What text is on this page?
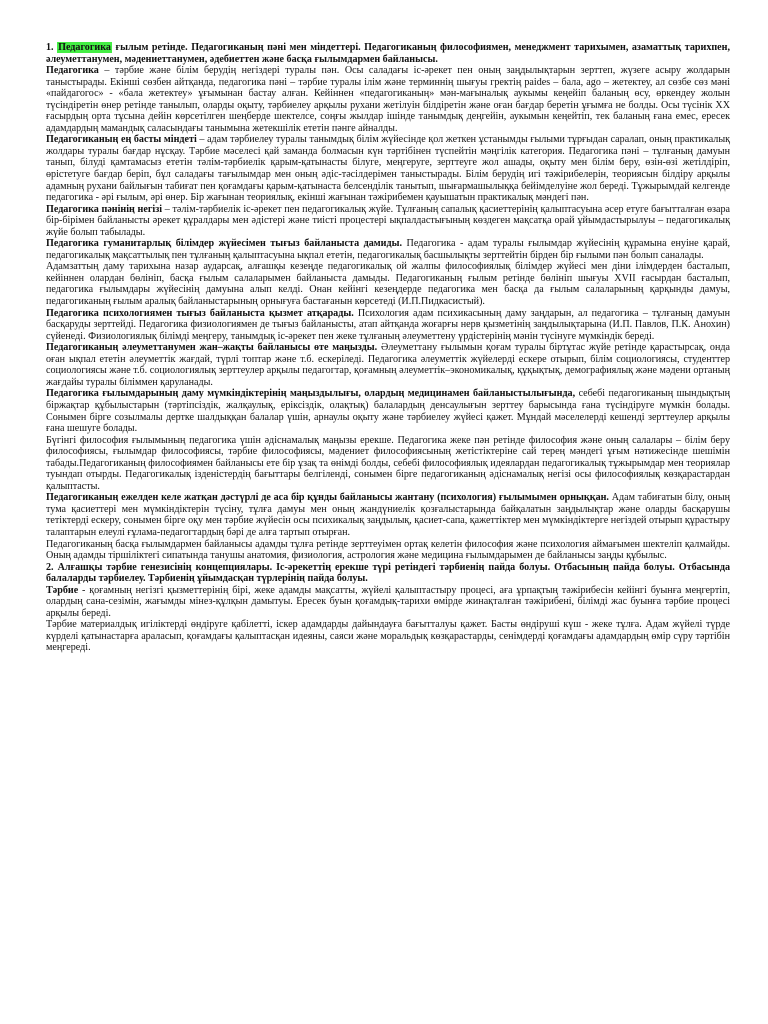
1. Педагогика ғылым ретінде. Педагогиканың пәні мен міндеттері. Педагогиканың философиямен, менеджмент тарихымен, азаматтық тарихпен, әлеуметтанумен, мәдениеттанумен, әдебиеттен және басқа ғылымдармен байланысы.

Педагогика – тәрбие және білім берудің негіздері туралы пән. Осы саладағы іс-әрекет пен оның заңдылықтарын зерттеп, жүзеге асыру жолдарын таныстырады. Екінші сөзбен айтқанда, педагогика пәні – тәрбие туралы ілім және терминнің шығуы гректің paides – бала, ago – жетектеу, ал сөзбе сөз мәні «пайдагогос» - «бала жетектеу» ұғымынан бастау алған. Кейіннен «педагогиканың» мән-мағыналық аукымы кеңейіп баланың өсу, өркендеу жолын түсіндіретін өнер ретінде танылып, оларды оқыту, тәрбиелеу арқылы рухани жетілуін білдіретін және оған бағдар беретін ұғымға не болды. Осы түсінік ХХ ғасырдың орта тұсына дейін көрсетілген шеңберде шектелсе, соңғы жылдар ішінде танымдық деңгейін, аукымын кеңейтіп, тек баланың ғана емес, ересек адамдардың мамандық саласындағы танымына жетекшілік ететін пәнге айналды.

Педагогиканың ең басты міндеті – адам тәрбиелеу туралы танымдық білім жүйесінде қол жеткен ұстанымды ғылыми тұрғыдан саралап, оның практикалық жолдары туралы бағдар нұсқау. Тәрбие мәселесі қай заманда болмасын күн тәртібінен түспейтін мәңгілік категория. Педагогика пәні – тұлғаның дамуын танып, білуді қамтамасыз ететін тәлім-тәрбиелік қарым-қатынасты білуге, меңгеруге, зерттеуге жол ашады, оқыту мен білім беру, өзін-өзі жетілдіріп, өрістетуге бағдар беріп, бұл саладағы тағылымдар мен оның әдіс-тәсілдерімен таныстырады. Білім берудің игі тәжірибелерін, теориясын білдіру арқылы адамның рухани байлығын табиғат пен қоғамдағы қарым-қатынаста белсенділік танытып, шығармашылыққа бейімделуіне жол береді. Тұжырымдай келгенде педагогика - әрі ғылым, әрі өнер. Бір жағынан теориялық, екінші жағынан тәжірибемен қауышатын практикалық мәндегі пән.

Педагогика пәнінің негізі – тәлім-тәрбиелік іс-әрекет пен педагогикалық жүйе. Тұлғаның сапалық қасиеттерінің қалыптасуына әсер етуге бағытталған өзара бір-бірімен байланысты әрекет құралдары мен әдістері және тиісті процестері ықпалдастығының көздеген мақсатқа орай ұйымдастырылуы – педагогикалық жүйе болып табылады.

Педагогика гуманитарлық білімдер жүйесімен тығыз байланыста дамиды. Педагогика - адам туралы ғылымдар жүйесінің құрамына енуіне қарай, педагогикалық мақсаттылық пен тұлғаның қалыптасуына ықпал ететін, педагогикалық басшылықты зерттейтін бірден бір ғылыми пән болып саналады.

Адамзаттың даму тарихына назар аударсақ, алғашқы кезеңде педагогикалық ой жалпы философиялық білімдер жүйесі мен діни ілімдерден басталып, кейіннен олардан бөлініп, басқа ғылым салаларымен байланыста дамыды. Педагогиканың ғылым ретінде бөлініп шығуы XVII ғасырдан басталып, педагогика ғылымдары жүйесінің дамуына алып келді. Онан кейінгі кезеңдерде педагогика мен басқа да ғылым салаларының қарқынды дамуы, педагогиканың ғылым аралық байланыстарының орнығуға бастағанын көрсетеді (И.П.Пидкасистый).

Педагогика психологиямен тығыз байланыста қызмет атқарады. Психология адам психикасының даму заңдарын, ал педагогика – тұлғаның дамуын басқаруды зерттейді. Педагогика физиологиямен де тығыз байланысты, атап айтқанда жоғарғы нерв қызметінің заңдылықтарына (И.П. Павлов, П.К. Анохин) сүйенеді. Физиологиялық білімді меңгеру, танымдық іс-әрекет пен жеке тұлғаның әлеуметтену үрдістерінің мәнін түсінуге мүмкіндік береді.

Педагогиканың әлеуметтанумен жан–жақты байланысы өте маңызды. Әлеуметтану ғылымын қоғам туралы біртұтас жүйе ретінде қарастырсақ, онда оған ықпал ететін әлеуметтік жағдай, түрлі топтар және т.б. ескеріледі. Педагогика әлеуметтік жүйелерді ескере отырып, білім социологиясы, студенттер социологиясы және т.б. социологиялық зерттеулер арқылы педагогтар, қоғамның әлеуметтік–экономикалық, құқықтық, демографиялық және мәдени ортаның жағдайы туралы біліммен қаруланады.

Педагогика ғылымдарының даму мүмкіндіктерінің маңыздылығы, олардың медицинамен байланыстылығында, себебі педагогиканың шындықтың біржақтар құбылыстарын (тәртіпсіздік, жалқаулық, еріксіздік, олақтық) балалардың денсаулығын зерттеу барысында ғана түсіндіруге мүмкін болады. Сонымен бірге созылмалы дертке шалдыққан балалар үшін, арнаулы оқыту және тәрбиелеу жүйесі қажет. Мұндай мәселелерді кешенді зерттеулер арқылы ғана шешуге болады.

Бүгінгі философия ғылымының педагогика үшін әдіснамалық маңызы ерекше. Педагогика жеке пән ретінде философия және оның салалары – білім беру философиясы, ғылымдар философиясы, тәрбие философиясы, мәдениет философиясының жетістіктеріне сай терең мәндегі ұғым нәтижесінде шешімін табады.Педагогиканың философиямен байланысы ете бір ұзақ та өнімді болды, себебі философиялық идеялардан педагогикалық тұжырымдар мен теориялар туындап отырды. Педагогикалық ізденістердің бағыттары белгіленді, сонымен бірге педагогиканың әдіснамалық негізі осы философиялық көзқарастардан қалыптасты.

Педагогиканың ежелден келе жатқан дәстүрлі де аса бір құнды байланысы жантану (психология) ғылымымен орныққан. Адам табиғатын білу, оның тума қасиеттері мен мүмкіндіктерін түсіну, тұлға дамуы мен оның жандүниелік қозғалыстарында байқалатын заңдылықтар және оларды басқарушы тетіктерді ескеру, сонымен бірге оқу мен тәрбие жүйесін осы психикалық заңдылық, қасиет-сапа, қажеттіктер мен мүмкіндіктерге негіздей отырып құрастыру талаптарын елеулі ғұлама-педагогтардың бәрі де алға тартып отырған.

Педагогиканың басқа ғылымдармен байланысы адамды тұлға ретінде зерттеуімен ортақ келетін философия және психология аймағымен шектеліп қалмайды. Оның адамды тіршіліктегі сипатында танушы анатомия, физиология, астрология және медицина ғылымдарымен де байланысы заңды құбылыс.

2. Алғашқы тәрбие генезисінің концепциялары. Іс-әрекеттің ерекше түрі ретіндегі тәрбиенің пайда болуы. Отбасының пайда болуы. Отбасында балаларды тәрбиелеу. Тәрбиенің ұйымдасқан түрлерінің пайда болуы.

Тәрбие - қоғамның негізгі қызметтерінің бірі, жеке адамды мақсатты, жүйелі қалыптастыру процесі, аға ұрпақтың тәжірибесін кейінгі буынға меңгертіп, олардың сана-сезімін, жағымды мінез-құлқын дамытуы. Ересек буын қоғамдық-тарихи өмірде жинақталған тәжірибені, білімді жас буынға тәрбие процесі арқылы береді.

Тәрбие материалдық игіліктерді өндіруге қабілетті, іскер адамдарды дайындауға бағытталуы қажет. Басты өндіруші күш - жеке тұлға. Адам жүйелі түрде күрделі қатынастарға араласып, қоғамдағы қалыптасқан идеяны, саяси және моральдық көзқарастарды, сенімдерді қоғамдағы адамдардың өмір сүру тәртібін меңгереді.
